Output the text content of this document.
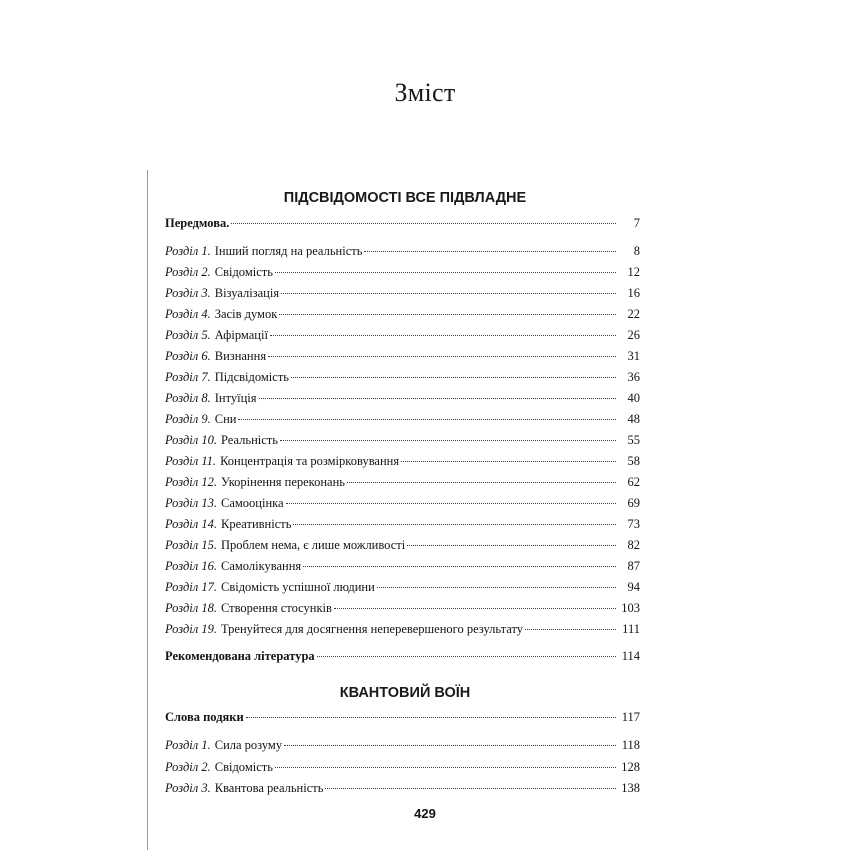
Зміст
ПІДСВІДОМОСТІ ВСЕ ПІДВЛАДНЕ
Передмова.	7
Розділ 1. Інший погляд на реальність	8
Розділ 2. Свідомість	12
Розділ 3. Візуалізація	16
Розділ 4. Засів думок	22
Розділ 5. Афірмації	26
Розділ 6. Визнання	31
Розділ 7. Підсвідомість	36
Розділ 8. Інтуїція	40
Розділ 9. Сни	48
Розділ 10. Реальність	55
Розділ 11. Концентрація та розмірковування	58
Розділ 12. Укорінення переконань	62
Розділ 13. Самооцінка	69
Розділ 14. Креативність	73
Розділ 15. Проблем нема, є лише можливості	82
Розділ 16. Самолікування	87
Розділ 17. Свідомість успішної людини	94
Розділ 18. Створення стосунків	103
Розділ 19. Тренуйтеся для досягнення неперевершеного результату	111
Рекомендована література	114
КВАНТОВИЙ ВОЇН
Слова подяки	117
Розділ 1. Сила розуму	118
Розділ 2. Свідомість	128
Розділ 3. Квантова реальність	138
429
